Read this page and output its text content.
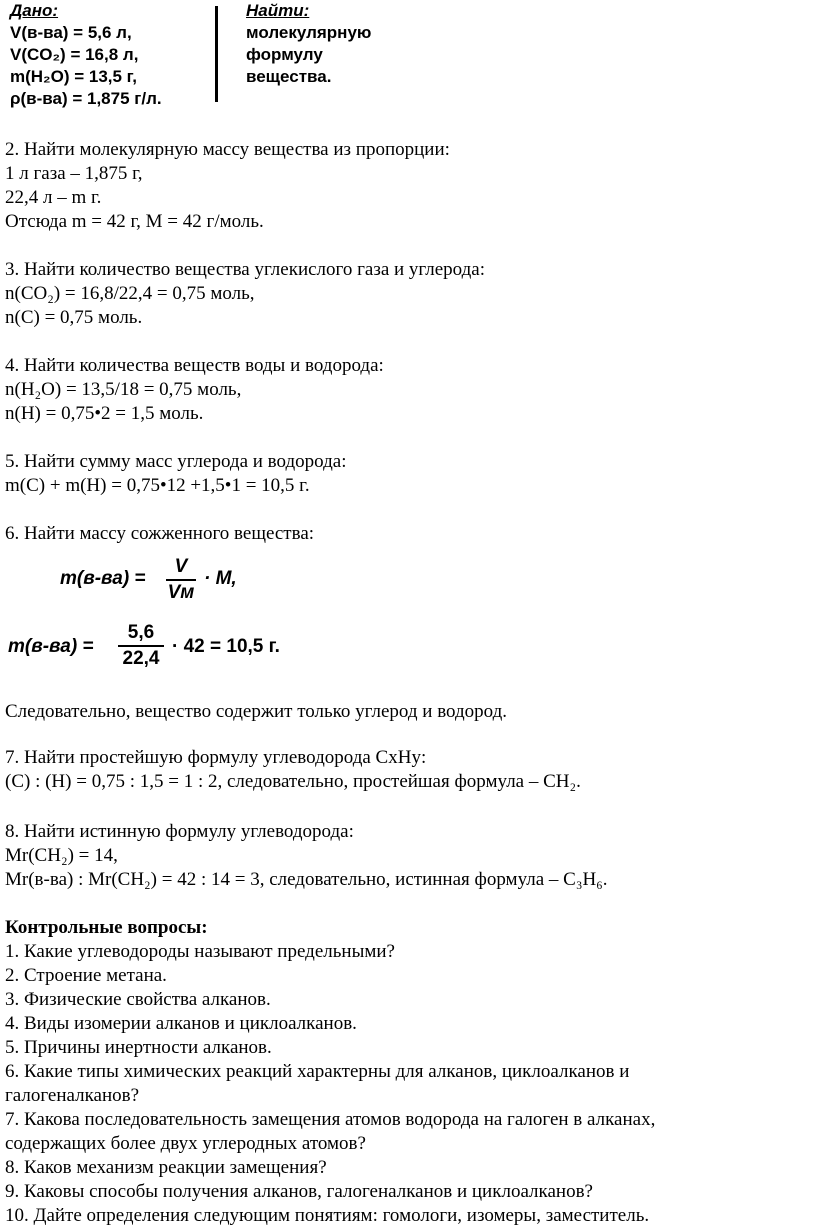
Дано:
V(в-ва) = 5,6 л,
V(CO₂) = 16,8 л,
m(H₂O) = 13,5 г,
ρ(в-ва) = 1,875 г/л.
Найти:
молекулярную
формулу
вещества.
2. Найти молекулярную массу вещества из пропорции:
1 л газа – 1,875 г,
22,4 л – m г.
Отсюда m = 42 г, M = 42 г/моль.
3. Найти количество вещества углекислого газа и углерода:
n(CO₂) = 16,8/22,4 = 0,75 моль,
n(C) = 0,75 моль.
4. Найти количества веществ воды и водорода:
n(H₂O) = 13,5/18 = 0,75 моль,
n(H) = 0,75•2 = 1,5 моль.
5. Найти сумму масс углерода и водорода:
m(C) + m(H) = 0,75•12 +1,5•1 = 10,5 г.
6. Найти массу сожженного вещества:
m(в-ва) =
V
Vм
· M,
m(в-ва) =
5,6
22,4
· 42 = 10,5 г.
Следовательно, вещество содержит только углерод и водород.
7. Найти простейшую формулу углеводорода CxHy:
(C) : (H) = 0,75 : 1,5 = 1 : 2, следовательно, простейшая формула – CH₂.
8. Найти истинную формулу углеводорода:
Mr(CH₂) = 14,
Mr(в-ва) : Mr(CH₂) = 42 : 14 = 3, следовательно, истинная формула – C₃H₆.
Контрольные вопросы:
1. Какие углеводороды называют предельными?
2. Строение метана.
3. Физические свойства алканов.
4. Виды изомерии алканов и циклоалканов.
5. Причины инертности алканов.
6. Какие типы химических реакций характерны для алканов, циклоалканов и
галогеналканов?
7. Какова последовательность замещения атомов водорода на галоген в алканах,
содержащих более двух углеродных атомов?
8. Каков механизм реакции замещения?
9. Каковы способы получения алканов, галогеналканов и циклоалканов?
10. Дайте определения следующим понятиям: гомологи, изомеры, заместитель.
